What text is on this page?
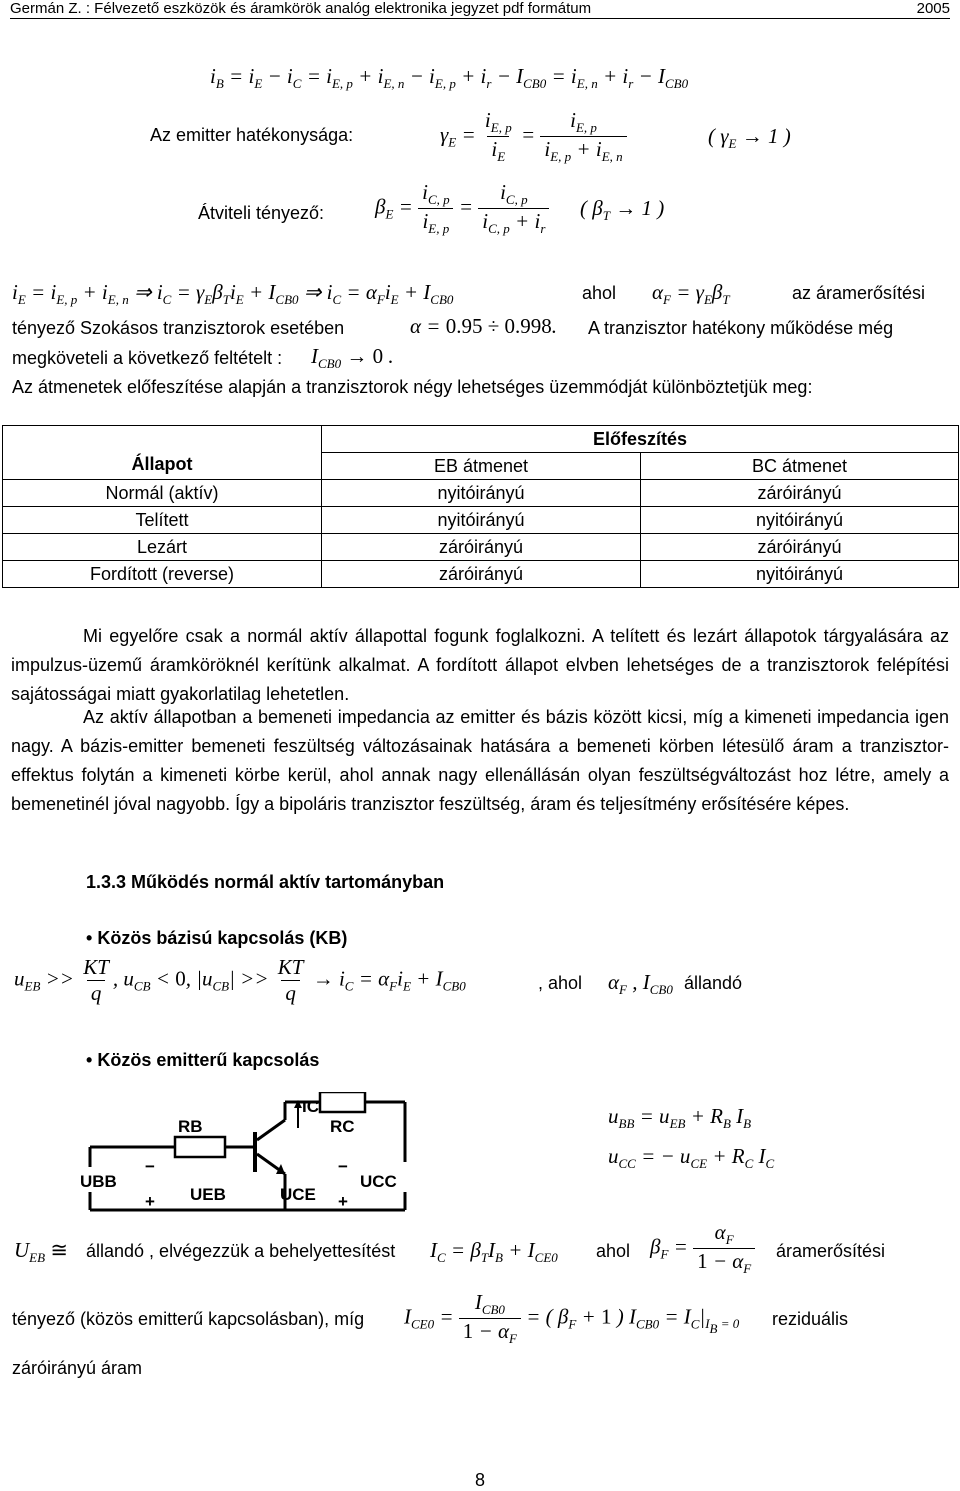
Germán Z. : Félvezető eszközök és áramkörök analóg elektronika jegyzet pdf formátum	2005
$i_B = i_E - i_C = i_{E, p} + i_{E, n} - i_{E, p} + i_r - I_{CB0} = i_{E, n} + i_r - I_{CB0}$
Az emitter hatékonysága:	$\gamma_E = \frac{i_{E, p}}{i_E} = \frac{i_{E, p}}{i_{E, p} + i_{E, n}}$	( $\gamma_E \to 1$ )
Átviteli tényező: $\beta_E = \frac{i_{C, p}}{i_{E, p}} = \frac{i_{C, p}}{i_{C, p} + i_r}$ ( $\beta_T \to 1$ )
$i_E = i_{E, p} + i_{E, n}$ ⇒ $i_C = \gamma_E\beta_Ti_E + I_{CB0}$ ⇒ $i_C = \alpha_Fi_E + I_{CB0}$	ahol $\alpha_F = \gamma_E\beta_T$	az áramerősítési
tényező Szokásos tranzisztorok esetében	α = 0.95 ÷ 0.998. A tranzisztor hatékony működése még
megköveteli a következő feltételt : $I_{CB0} \to 0$ .
Az átmenetek előfeszítése alapján a tranzisztorok négy lehetséges üzemmódját különböztetjük meg:
Állapot	Előfeszítés	
	EB átmenet	BC átmenet
Normál (aktív)	nyitóirányú	záróirányú
Telített	nyitóirányú	nyitóirányú
Lezárt	záróirányú	záróirányú
Fordított (reverse)	záróirányú	nyitóirányú
Mi egyelőre csak a normál aktív állapottal fogunk foglalkozni. A telített és lezárt állapotok tárgyalására az impulzus-üzemű áramköröknél kerítünk alkalmat. A fordított állapot elvben lehetséges de a tranzisztorok felépítési sajátosságai miatt gyakorlatilag lehetetlen.
Az aktív állapotban a bemeneti impedancia az emitter és bázis között kicsi, míg a kimeneti impedancia igen nagy. A bázis-emitter bemeneti feszültség változásainak hatására a bemeneti körben létesülő áram a tranzisztor-effektus folytán a kimeneti körbe kerül, ahol annak nagy ellenállásán olyan feszültségváltozást hoz létre, amely a bemenetinél jóval nagyobb. Így a bipoláris tranzisztor feszültség, áram és teljesítmény erősítésére képes.
1.3.3 Működés normál aktív tartományban
• Közös bázisú kapcsolás (KB)
$u_{EB} >> \frac{KT}{q}$ , $u_{CB} < 0$, $|u_{CB}| >> \frac{KT}{q} \to i_C = \alpha_Fi_E + I_{CB0}$	, ahol $\alpha_F$ , $I_{CB0}$ állandó
• Közös emitterű kapcsolás
RB	RC
IC
UBB
UEB	UCE
UCC
−
+
−
+
$u_{BB} = u_{EB} + R_B$ $I_B$
$u_{CC}$ = − $u_{CE} + R_C$ $I_C$
$U_{EB}$ ≅ állandó , elvégezzük a behelyettesítést $I_C = \beta_TI_B + I_{CE0}$ ahol $\beta_F = \frac{\alpha_F}{1 - \alpha_F}$ áramerősítési
tényező (közös emitterű kapcsolásban), míg $I_{CE0} = \frac{I_{CB0}}{1 - \alpha_F}$ = ( $\beta_F + 1$ ) $I_{CB0} = I_C|_{I_B = 0}$ reziduális
záróirányú áram
8
